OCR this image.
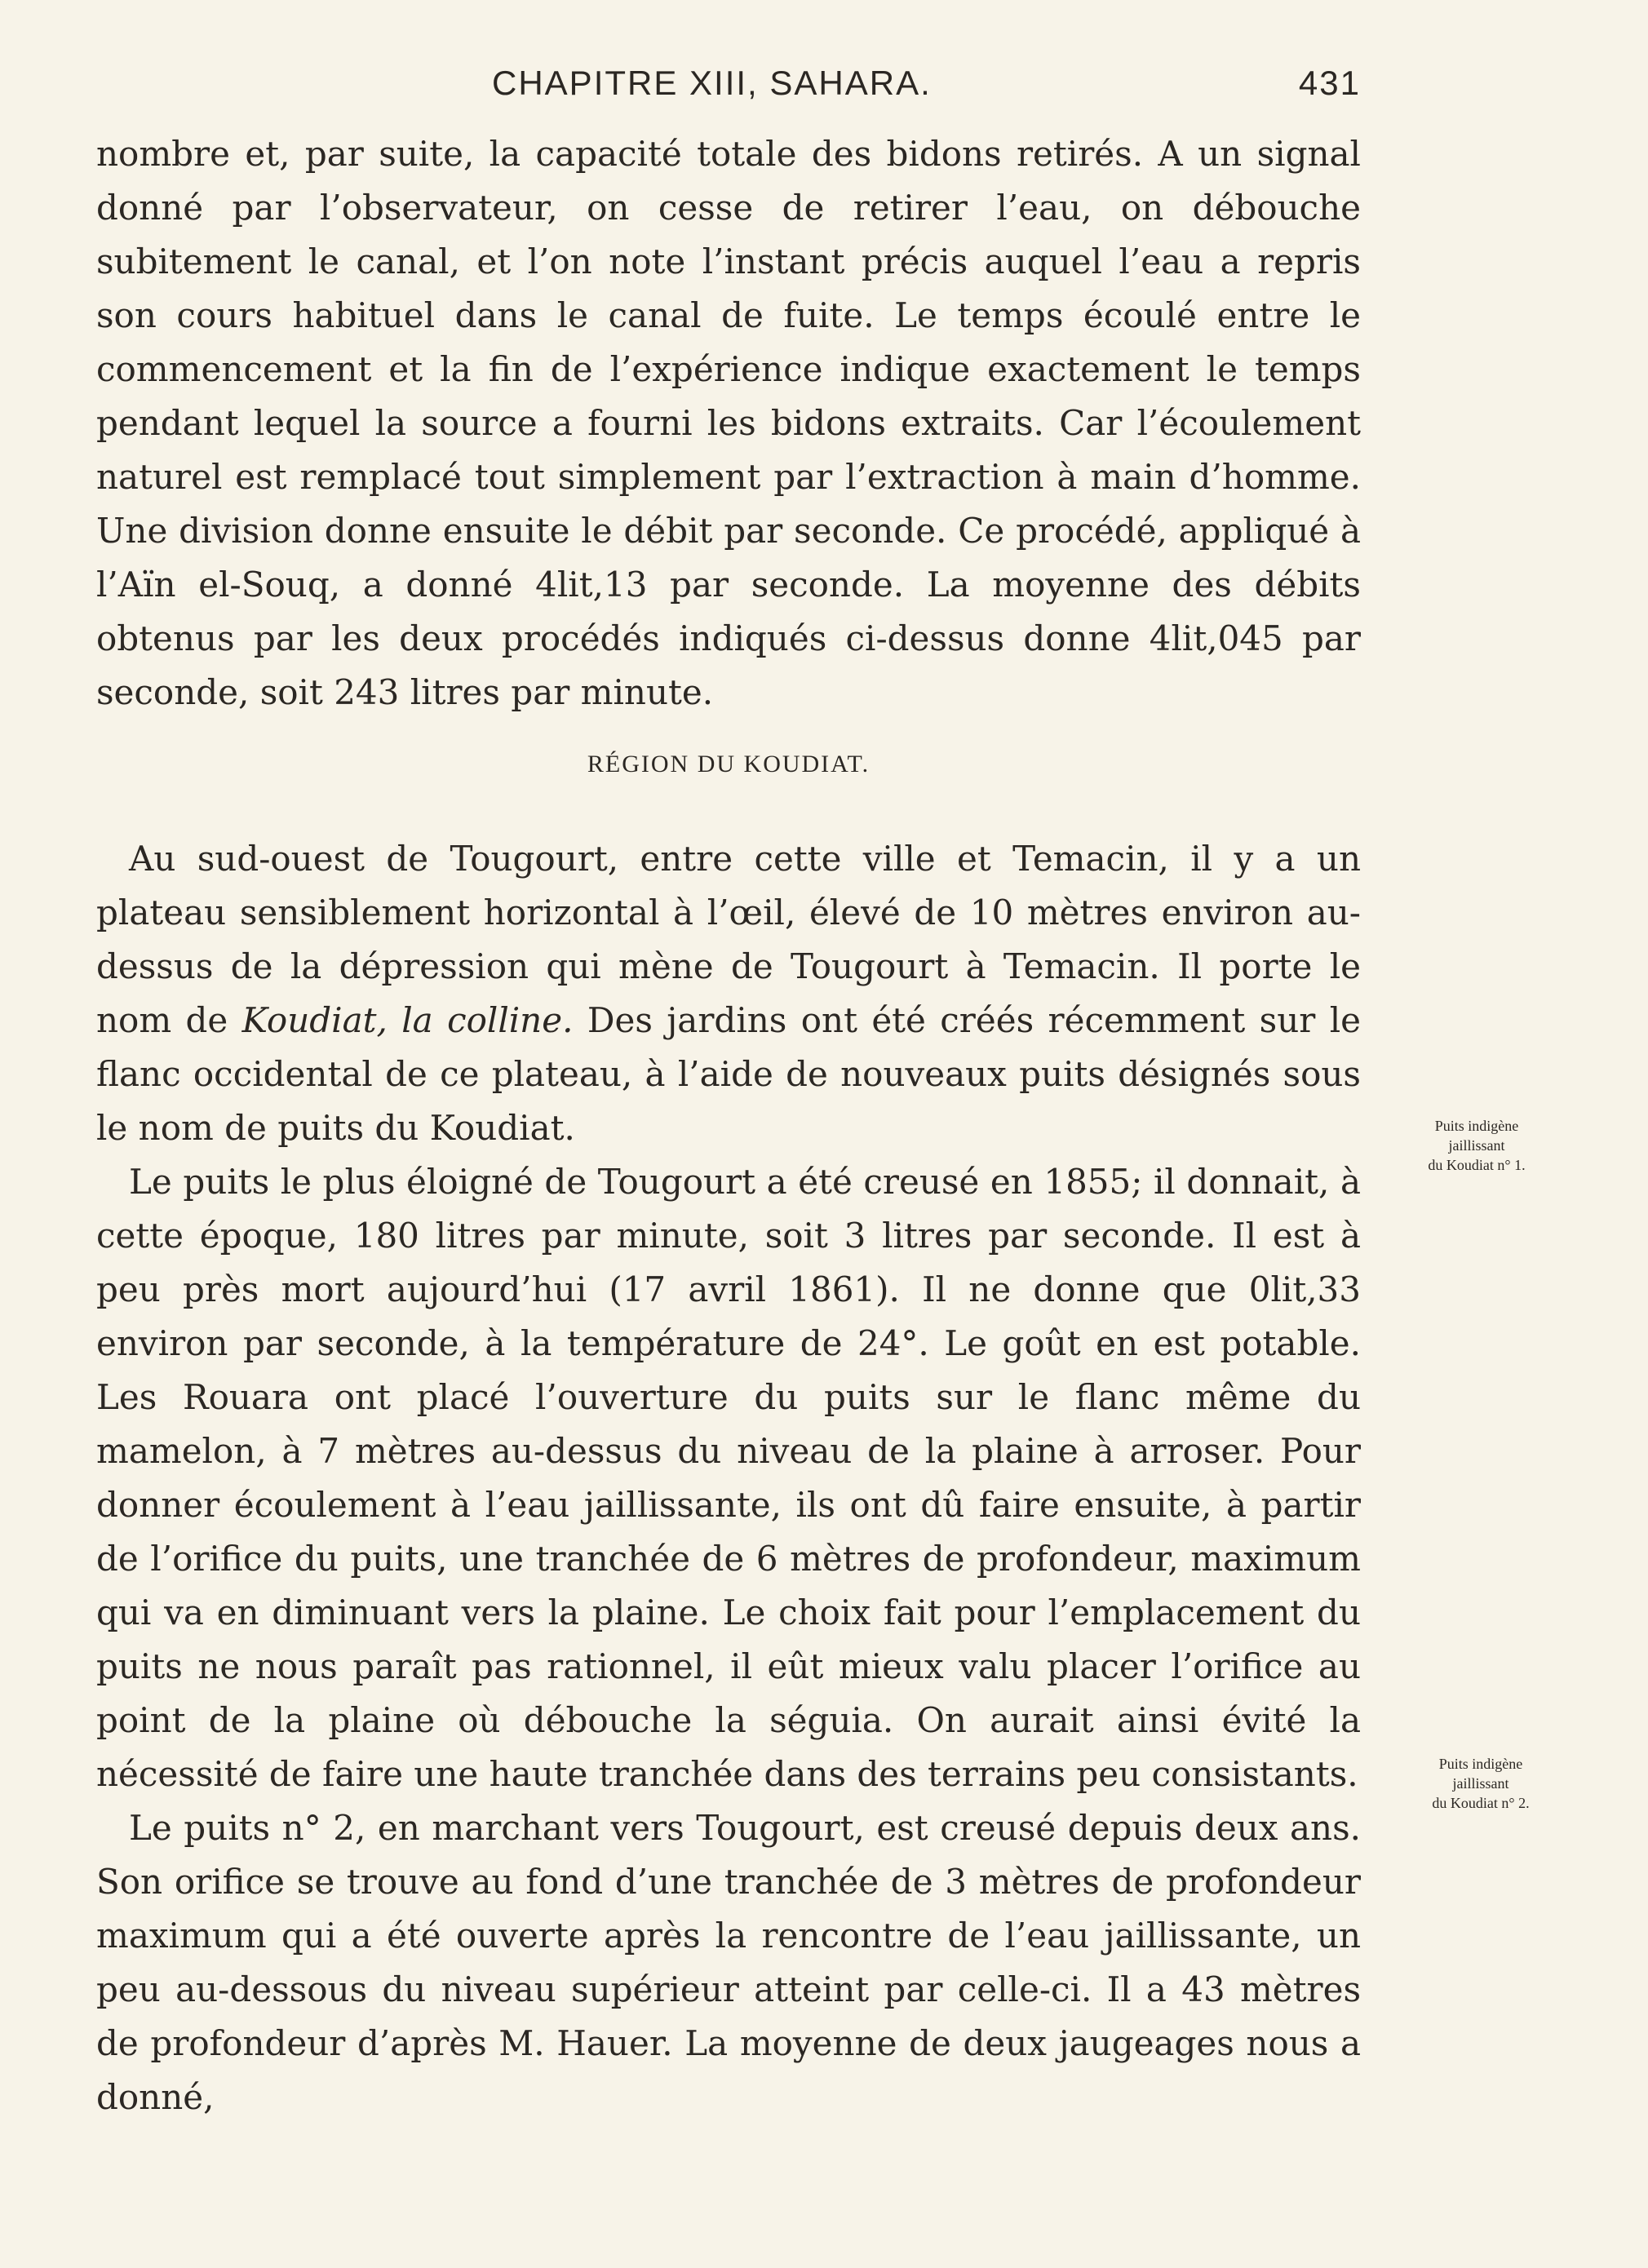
CHAPITRE XIII, SAHARA.	431

nombre et, par suite, la capacité totale des bidons retirés. A un signal donné par l’observateur, on cesse de retirer l’eau, on débouche subitement le canal, et l’on note l’instant précis auquel l’eau a repris son cours habituel dans le canal de fuite. Le temps écoulé entre le commencement et la fin de l’expérience indique exactement le temps pendant lequel la source a fourni les bidons extraits. Car l’écoulement naturel est remplacé tout simplement par l’extraction à main d’homme. Une division donne ensuite le débit par seconde. Ce procédé, appliqué à l’Aïn el-Souq, a donné 4lit,13 par seconde. La moyenne des débits obtenus par les deux procédés indiqués ci-dessus donne 4lit,045 par seconde, soit 243 litres par minute.

RÉGION DU KOUDIAT.

Au sud-ouest de Tougourt, entre cette ville et Temacin, il y a un plateau sensiblement horizontal à l’œil, élevé de 10 mètres environ au-dessus de la dépression qui mène de Tougourt à Temacin. Il porte le nom de Koudiat, la colline. Des jardins ont été créés récemment sur le flanc occidental de ce plateau, à l’aide de nouveaux puits désignés sous le nom de puits du Koudiat.

Le puits le plus éloigné de Tougourt a été creusé en 1855; il donnait, à cette époque, 180 litres par minute, soit 3 litres par seconde. Il est à peu près mort aujourd’hui (17 avril 1861). Il ne donne que 0lit,33 environ par seconde, à la température de 24°. Le goût en est potable. Les Rouara ont placé l’ouverture du puits sur le flanc même du mamelon, à 7 mètres au-dessus du niveau de la plaine à arroser. Pour donner écoulement à l’eau jaillissante, ils ont dû faire ensuite, à partir de l’orifice du puits, une tranchée de 6 mètres de profondeur, maximum qui va en diminuant vers la plaine. Le choix fait pour l’emplacement du puits ne nous paraît pas rationnel, il eût mieux valu placer l’orifice au point de la plaine où débouche la séguia. On aurait ainsi évité la nécessité de faire une haute tranchée dans des terrains peu consistants.

Le puits n° 2, en marchant vers Tougourt, est creusé depuis deux ans. Son orifice se trouve au fond d’une tranchée de 3 mètres de profondeur maximum qui a été ouverte après la rencontre de l’eau jaillissante, un peu au-dessous du niveau supérieur atteint par celle-ci. Il a 43 mètres de profondeur d’après M. Hauer. La moyenne de deux jaugeages nous a donné,

Puits indigène
jaillissant
du Koudiat n° 1.
Puits indigène
jaillissant
du Koudiat n° 2.
